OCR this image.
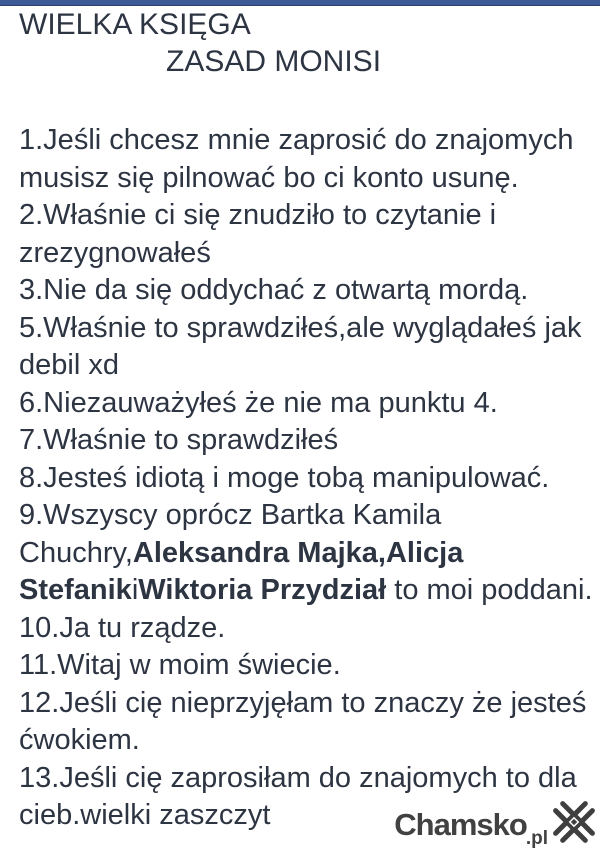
WIELKA KSIĘGA
ZASAD MONISI
1.Jeśli chcesz mnie zaprosić do znajomych
musisz się pilnować bo ci konto usunę.
2.Właśnie ci się znudziło to czytanie i
zrezygnowałeś
3.Nie da się oddychać z otwartą mordą.
5.Właśnie to sprawdziłeś,ale wyglądałeś jak
debil xd
6.Niezauważyłeś że nie ma punktu 4.
7.Właśnie to sprawdziłeś
8.Jesteś idiotą i moge tobą manipulować.
9.Wszyscy oprócz Bartka Kamila
Chuchry,Aleksandra Majka,Alicja
StefanikiWiktoria Przydział to moi poddani.
10.Ja tu rządze.
11.Witaj w moim świecie.
12.Jeśli cię nieprzyjęłam to znaczy że jesteś
ćwokiem.
13.Jeśli cię zaprosiłam do znajomych to dla
cieb.wielki zaszczyt	Chamsko .pl
